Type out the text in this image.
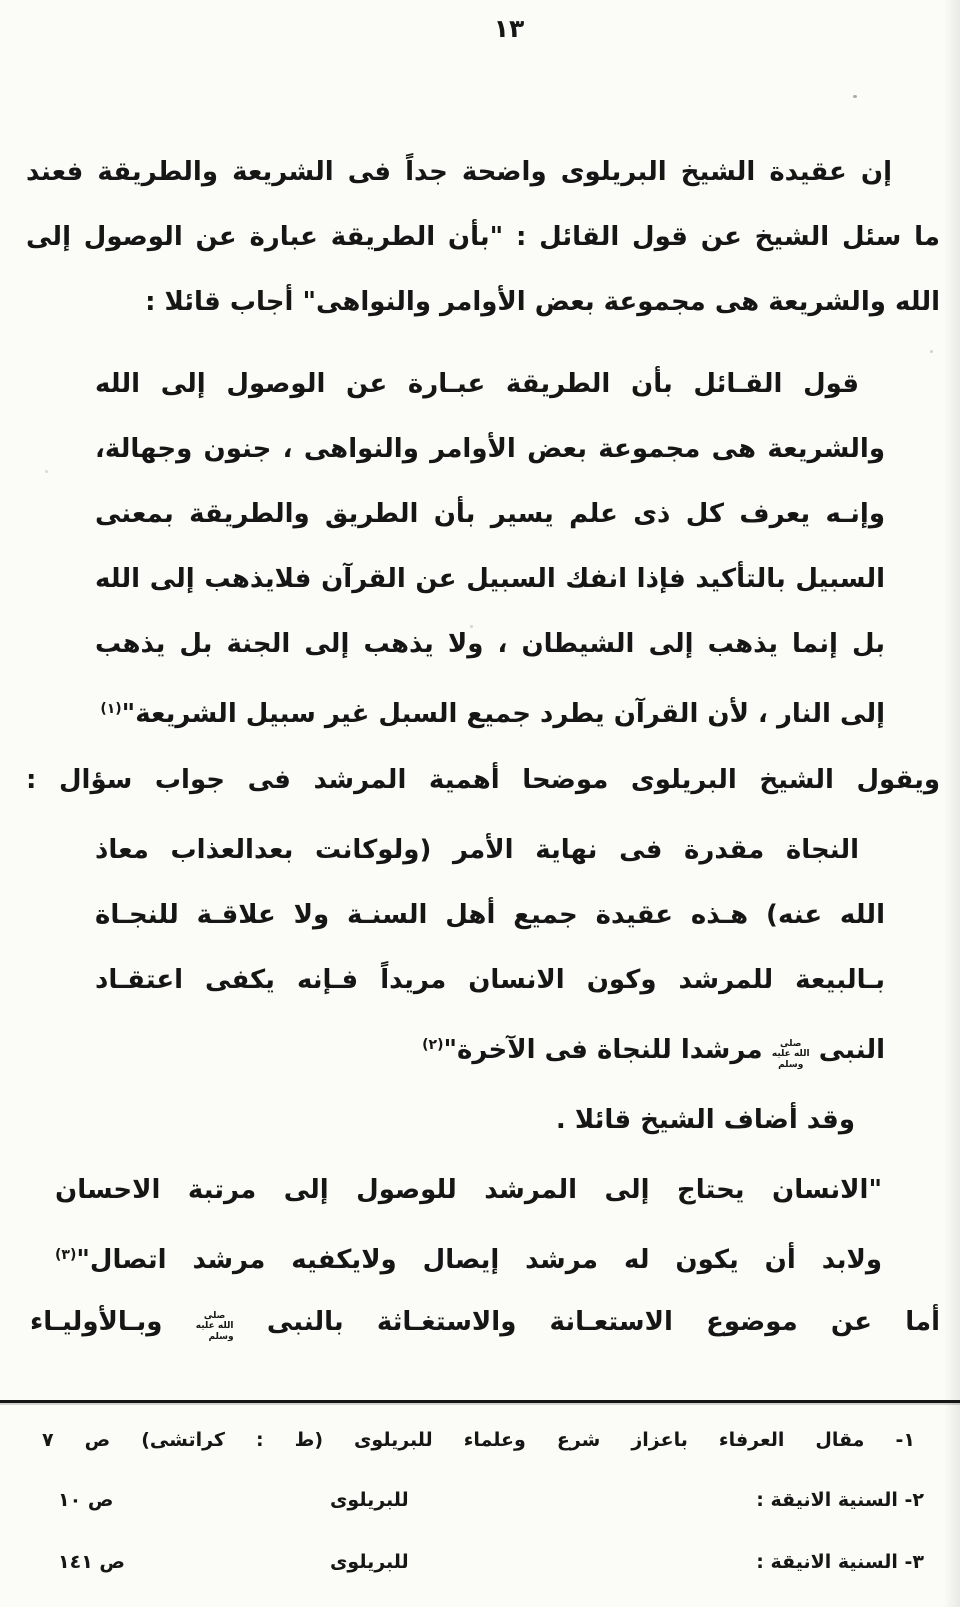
١٣
إن عقيدة الشيخ البريلوى واضحة جداً فى الشريعة والطريقة فعند
ما سئل الشيخ عن قول القائل : "بأن الطريقة عبارة عن الوصول إلى
الله والشريعة هى مجموعة بعض الأوامر والنواهى" أجاب قائلا :
قول القـائل بأن الطريقة عبـارة عن الوصول إلى الله
والشريعة هى مجموعة بعض الأوامر والنواهى ، جنون وجهالة،
وإنـه يعرف كل ذى علم يسير بأن الطريق والطريقة بمعنى
السبيل بالتأكيد فإذا انفك السبيل عن القرآن فلايذهب إلى الله
بل إنما يذهب إلى الشيطان ، ولا يذهب إلى الجنة بل يذهب
إلى النار ، لأن القرآن يطرد جميع السبل غير سبيل الشريعة"$^{(١)}$
ويقول الشيخ البريلوى موضحا أهمية المرشد فى جواب سؤال :
النجاة مقدرة فى نهاية الأمر (ولوكانت بعدالعذاب معاذ
الله عنه) هـذه عقيدة جميع أهل السنـة ولا علاقـة للنجـاة
بـالبيعة للمرشد وكون الانسان مريداً فـإنه يكفى اعتقـاد
النبى صلى الله عليه وسلم مرشدا للنجاة فى الآخرة"$^{(٢)}$
وقد أضاف الشيخ قائلا .
"الانسان يحتاج إلى المرشد للوصول إلى مرتبة الاحسان
ولابد أن يكون له مرشد إيصال ولايكفيه مرشد اتصال"$^{(٣)}$
أما عن موضوع الاستعـانة والاستغـاثة بالنبى صلى الله عليه وسلم وبـالأوليـاء
١- مقال العرفاء باعزاز شرع وعلماء للبريلوى (ط : كراتشى) ص ٧
٢- السنية الانيقة :
للبريلوى
ص ١٠
٣- السنية الانيقة :
للبريلوى
ص ١٤١
